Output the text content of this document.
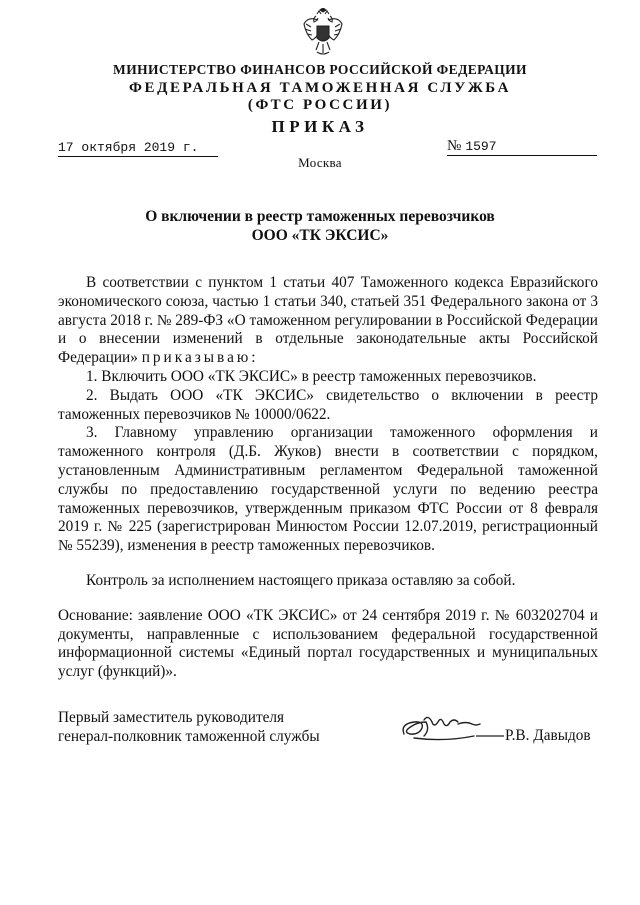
МИНИСТЕРСТВО ФИНАНСОВ РОССИЙСКОЙ ФЕДЕРАЦИИ
ФЕДЕРАЛЬНАЯ ТАМОЖЕННАЯ СЛУЖБА
(ФТС РОССИИ)
ПРИКАЗ
17 октября 2019 г.	№ 1597
Москва
О включении в реестр таможенных перевозчиков
ООО «ТК ЭКСИС»

В соответствии с пунктом 1 статьи 407 Таможенного кодекса Евразийского экономического союза, частью 1 статьи 340, статьей 351 Федерального закона от 3 августа 2018 г. № 289-ФЗ «О таможенном регулировании в Российской Федерации и о внесении изменений в отдельные законодательные акты Российской Федерации» приказываю:

1. Включить ООО «ТК ЭКСИС» в реестр таможенных перевозчиков.

2. Выдать ООО «ТК ЭКСИС» свидетельство о включении в реестр таможенных перевозчиков № 10000/0622.

3. Главному управлению организации таможенного оформления и таможенного контроля (Д.Б. Жуков) внести в соответствии с порядком, установленным Административным регламентом Федеральной таможенной службы по предоставлению государственной услуги по ведению реестра таможенных перевозчиков, утвержденным приказом ФТС России от 8 февраля 2019 г. № 225 (зарегистрирован Минюстом России 12.07.2019, регистрационный № 55239), изменения в реестр таможенных перевозчиков.

Контроль за исполнением настоящего приказа оставляю за собой.

Основание: заявление ООО «ТК ЭКСИС» от 24 сентября 2019 г. № 603202704 и документы, направленные с использованием федеральной государственной информационной системы «Единый портал государственных и муниципальных услуг (функций)».

Первый заместитель руководителя
генерал-полковник таможенной службы	Р.В. Давыдов
